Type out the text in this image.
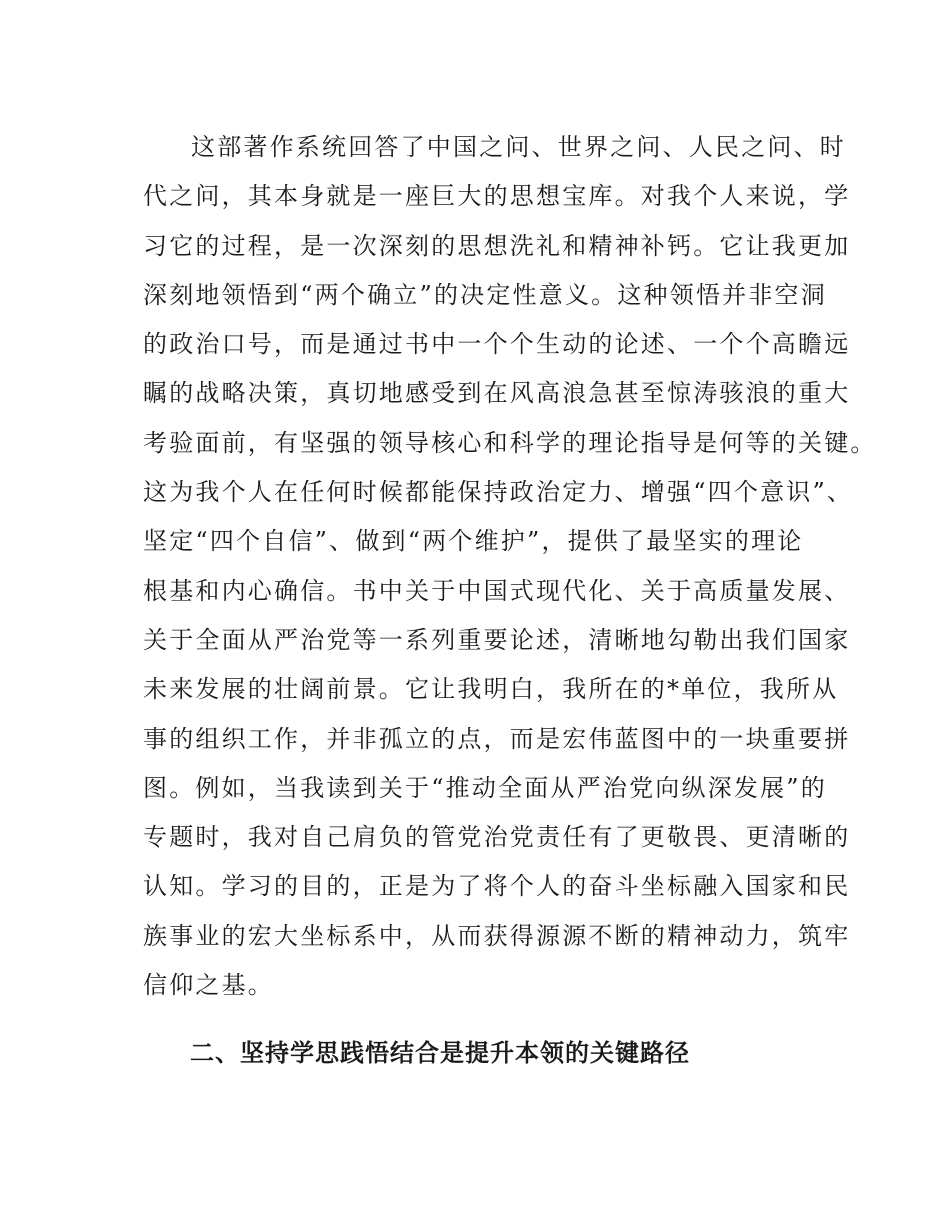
这部著作系统回答了中国之问、世界之问、人民之问、时
代之问，其本身就是一座巨大的思想宝库。对我个人来说，学
习它的过程，是一次深刻的思想洗礼和精神补钙。它让我更加
深刻地领悟到“两个确立”的决定性意义。这种领悟并非空洞
的政治口号，而是通过书中一个个生动的论述、一个个高瞻远
瞩的战略决策，真切地感受到在风高浪急甚至惊涛骇浪的重大
考验面前，有坚强的领导核心和科学的理论指导是何等的关键。
这为我个人在任何时候都能保持政治定力、增强“四个意识”、
坚定“四个自信”、做到“两个维护”，提供了最坚实的理论
根基和内心确信。书中关于中国式现代化、关于高质量发展、
关于全面从严治党等一系列重要论述，清晰地勾勒出我们国家
未来发展的壮阔前景。它让我明白，我所在的*单位，我所从
事的组织工作，并非孤立的点，而是宏伟蓝图中的一块重要拼
图。例如，当我读到关于“推动全面从严治党向纵深发展”的
专题时，我对自己肩负的管党治党责任有了更敬畏、更清晰的
认知。学习的目的，正是为了将个人的奋斗坐标融入国家和民
族事业的宏大坐标系中，从而获得源源不断的精神动力，筑牢
信仰之基。
二、坚持学思践悟结合是提升本领的关键路径
